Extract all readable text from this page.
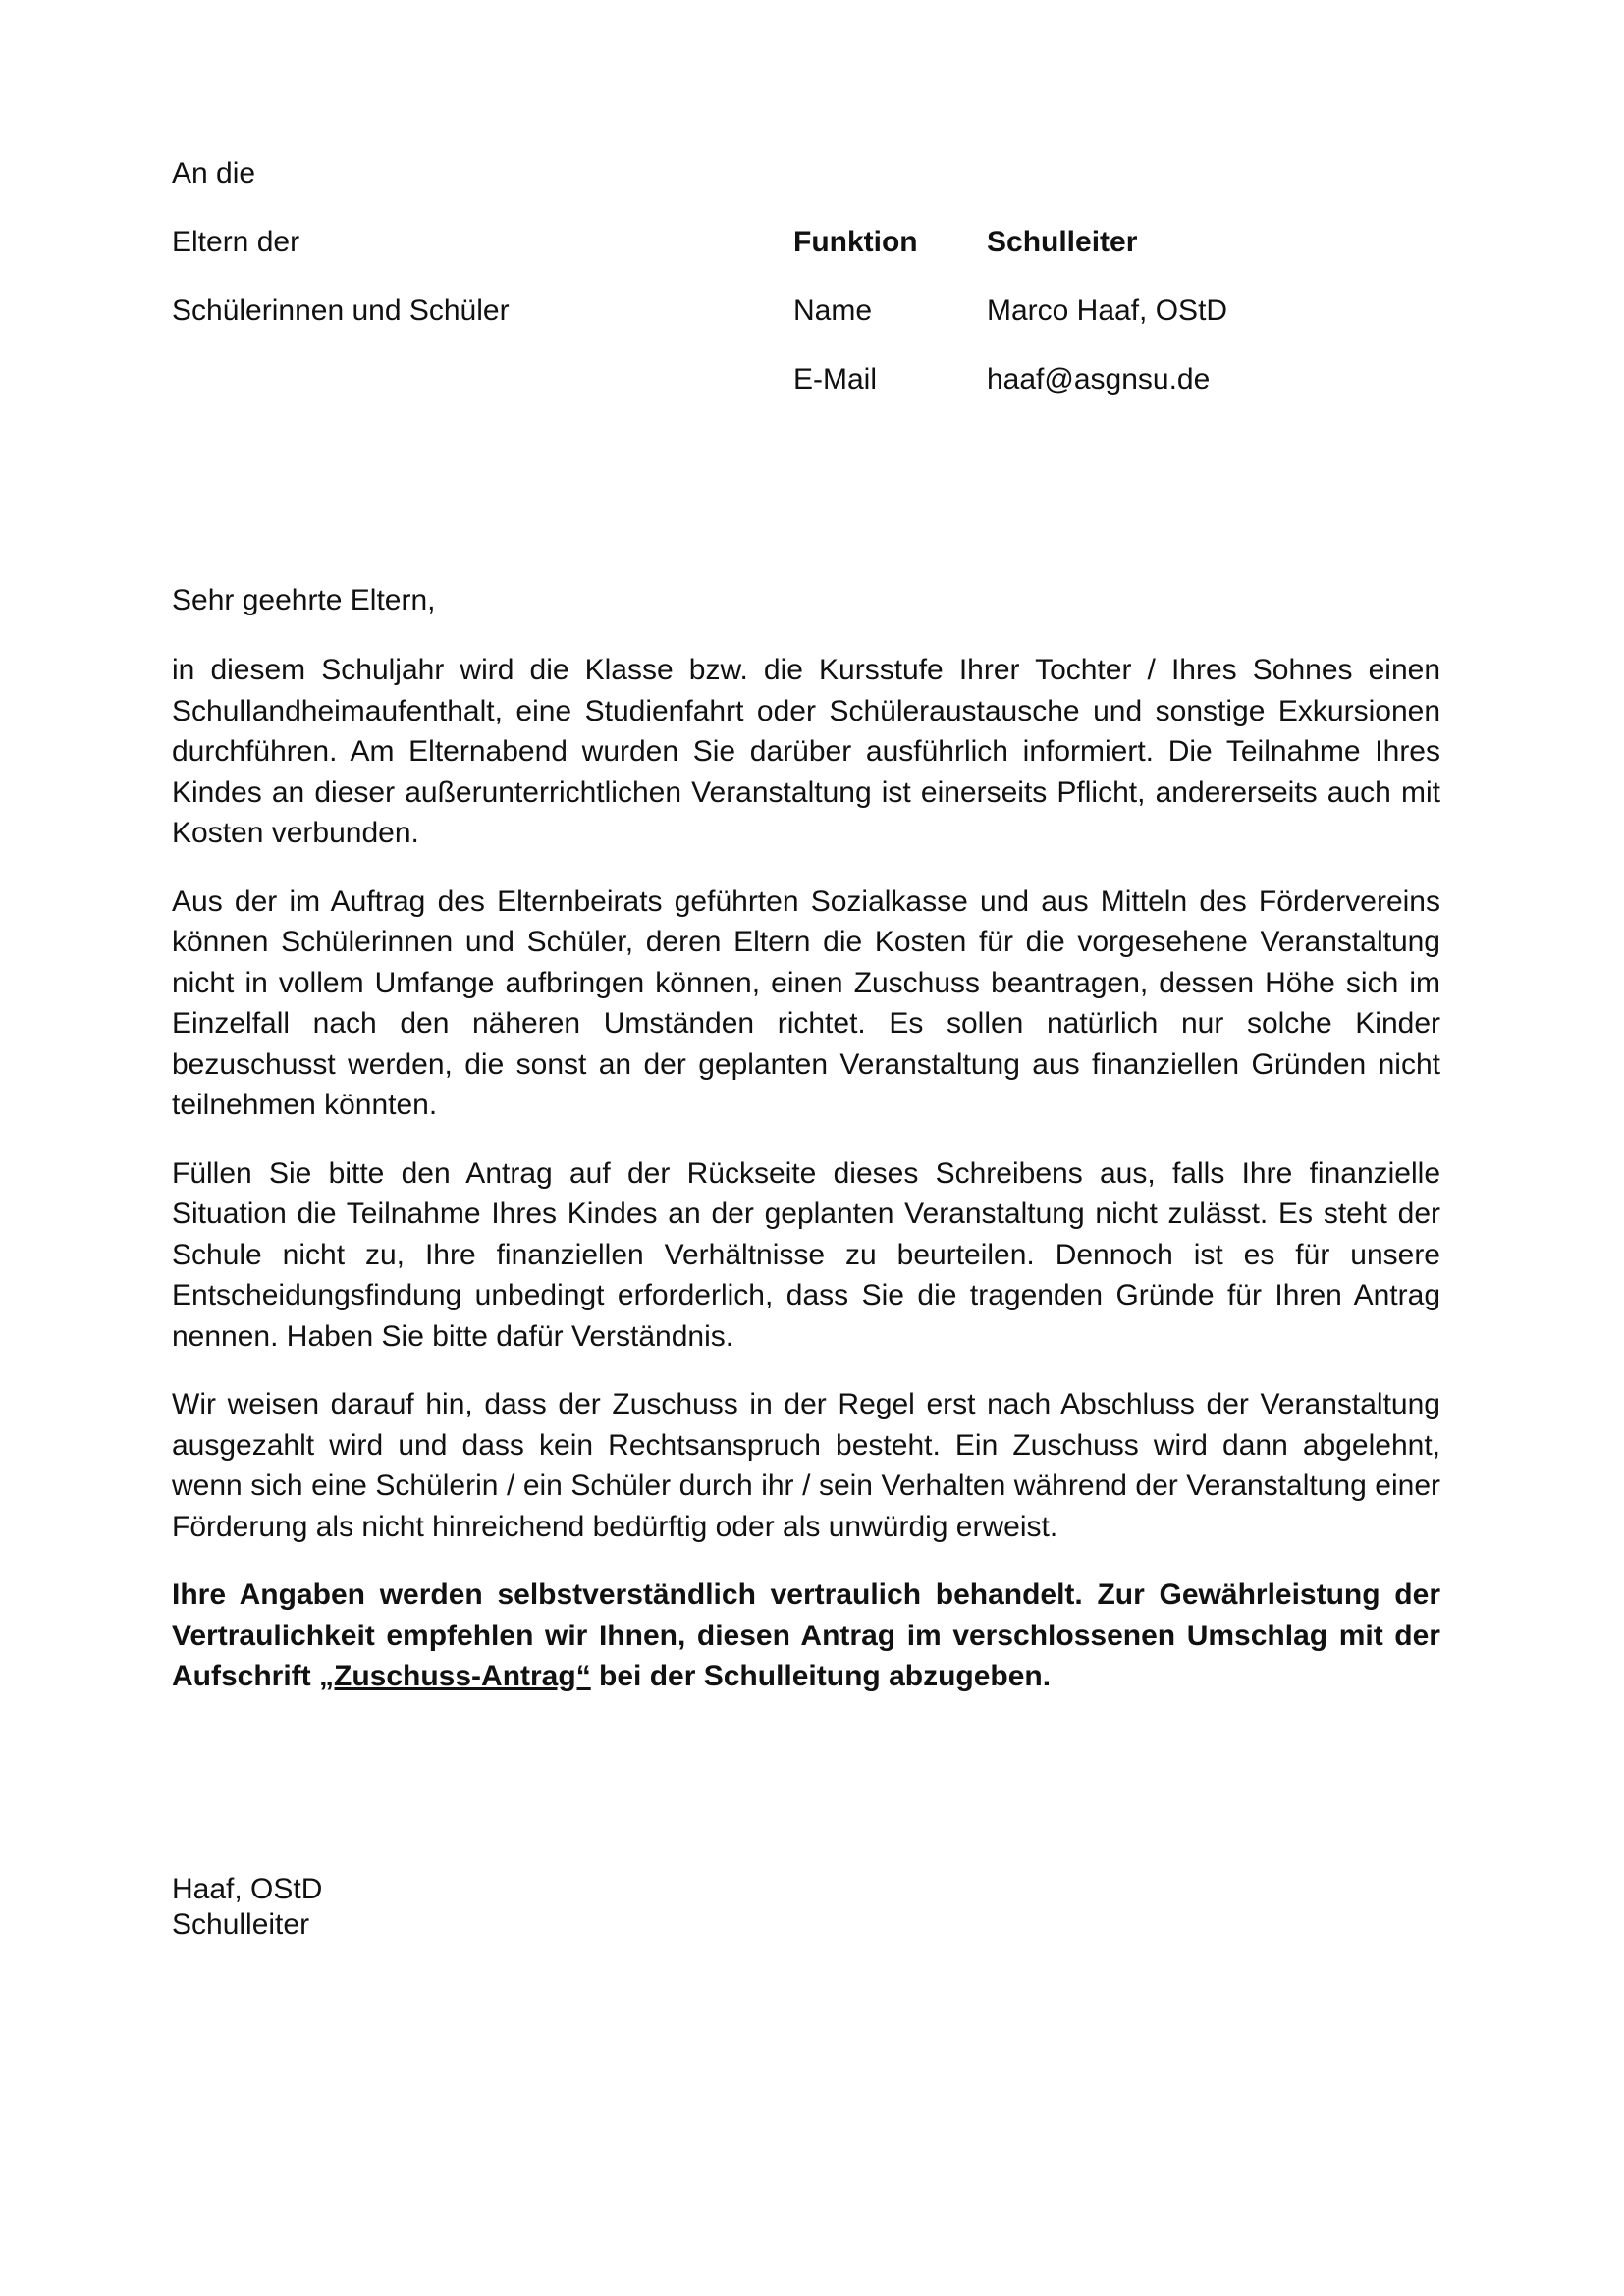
An die
Eltern der
Schülerinnen und Schüler
Funktion Schulleiter
Name	Marco Haaf, OStD
E-Mail	haaf@asgnsu.de
Sehr geehrte Eltern,

in diesem Schuljahr wird die Klasse bzw. die Kursstufe Ihrer Tochter / Ihres Sohnes einen Schullandheimaufenthalt, eine Studienfahrt oder Schüleraustausche und sonstige Exkursionen durchführen. Am Elternabend wurden Sie darüber ausführlich informiert. Die Teilnahme Ihres Kindes an dieser außerunterrichtlichen Veranstaltung ist einerseits Pflicht, andererseits auch mit Kosten verbunden.

Aus der im Auftrag des Elternbeirats geführten Sozialkasse und aus Mitteln des Fördervereins können Schülerinnen und Schüler, deren Eltern die Kosten für die vorgesehene Veranstaltung nicht in vollem Umfange aufbringen können, einen Zuschuss beantragen, dessen Höhe sich im Einzelfall nach den näheren Umständen richtet. Es sollen natürlich nur solche Kinder bezuschusst werden, die sonst an der geplanten Veranstaltung aus finanziellen Gründen nicht teilnehmen könnten.

Füllen Sie bitte den Antrag auf der Rückseite dieses Schreibens aus, falls Ihre finanzielle Situation die Teilnahme Ihres Kindes an der geplanten Veranstaltung nicht zulässt. Es steht der Schule nicht zu, Ihre finanziellen Verhältnisse zu beurteilen. Dennoch ist es für unsere Entscheidungsfindung unbedingt erforderlich, dass Sie die tragenden Gründe für Ihren Antrag nennen. Haben Sie bitte dafür Verständnis.

Wir weisen darauf hin, dass der Zuschuss in der Regel erst nach Abschluss der Veranstaltung ausgezahlt wird und dass kein Rechtsanspruch besteht. Ein Zuschuss wird dann abgelehnt, wenn sich eine Schülerin / ein Schüler durch ihr / sein Verhalten während der Veranstaltung einer Förderung als nicht hinreichend bedürftig oder als unwürdig erweist.

Ihre Angaben werden selbstverständlich vertraulich behandelt. Zur Gewährleistung der Vertraulichkeit empfehlen wir Ihnen, diesen Antrag im verschlossenen Umschlag mit der Aufschrift „Zuschuss-Antrag“ bei der Schulleitung abzugeben.

Haaf, OStD
Schulleiter
